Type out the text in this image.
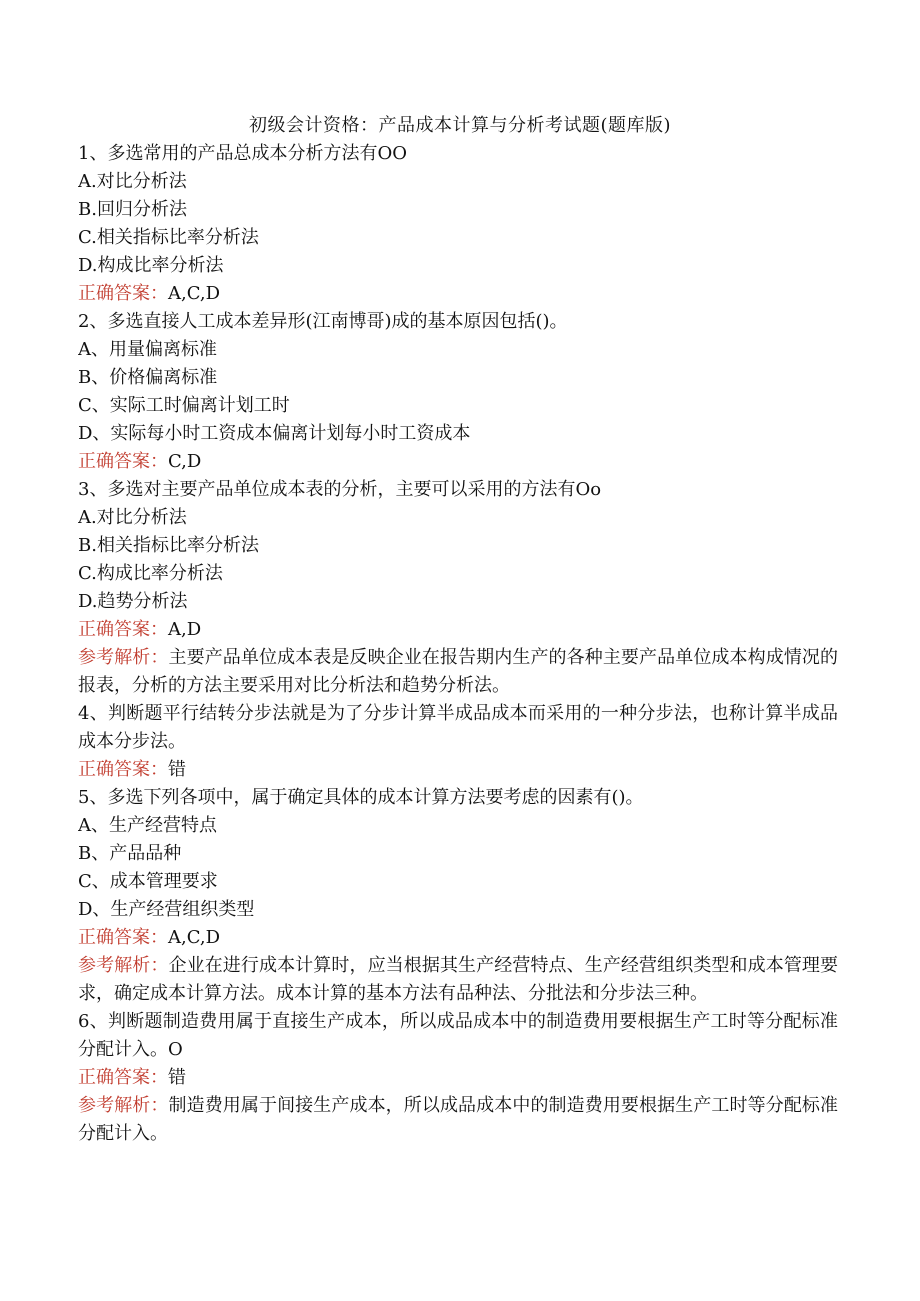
初级会计资格：产品成本计算与分析考试题(题库版)
1、多选常用的产品总成本分析方法有OO
A.对比分析法
B.回归分析法
C.相关指标比率分析法
D.构成比率分析法
正确答案：A,C,D
2、多选直接人工成本差异形(江南博哥)成的基本原因包括()。
A、用量偏离标准
B、价格偏离标准
C、实际工时偏离计划工时
D、实际每小时工资成本偏离计划每小时工资成本
正确答案：C,D
3、多选对主要产品单位成本表的分析，主要可以采用的方法有Oo
A.对比分析法
B.相关指标比率分析法
C.构成比率分析法
D.趋势分析法
正确答案：A,D
参考解析：主要产品单位成本表是反映企业在报告期内生产的各种主要产品单位成本构成情况的报表，分析的方法主要采用对比分析法和趋势分析法。
4、判断题平行结转分步法就是为了分步计算半成品成本而采用的一种分步法，也称计算半成品成本分步法。
正确答案：错
5、多选下列各项中，属于确定具体的成本计算方法要考虑的因素有()。
A、生产经营特点
B、产品品种
C、成本管理要求
D、生产经营组织类型
正确答案：A,C,D
参考解析：企业在进行成本计算时，应当根据其生产经营特点、生产经营组织类型和成本管理要求，确定成本计算方法。成本计算的基本方法有品种法、分批法和分步法三种。
6、判断题制造费用属于直接生产成本，所以成品成本中的制造费用要根据生产工时等分配标准分配计入。O
正确答案：错
参考解析：制造费用属于间接生产成本，所以成品成本中的制造费用要根据生产工时等分配标准分配计入。
